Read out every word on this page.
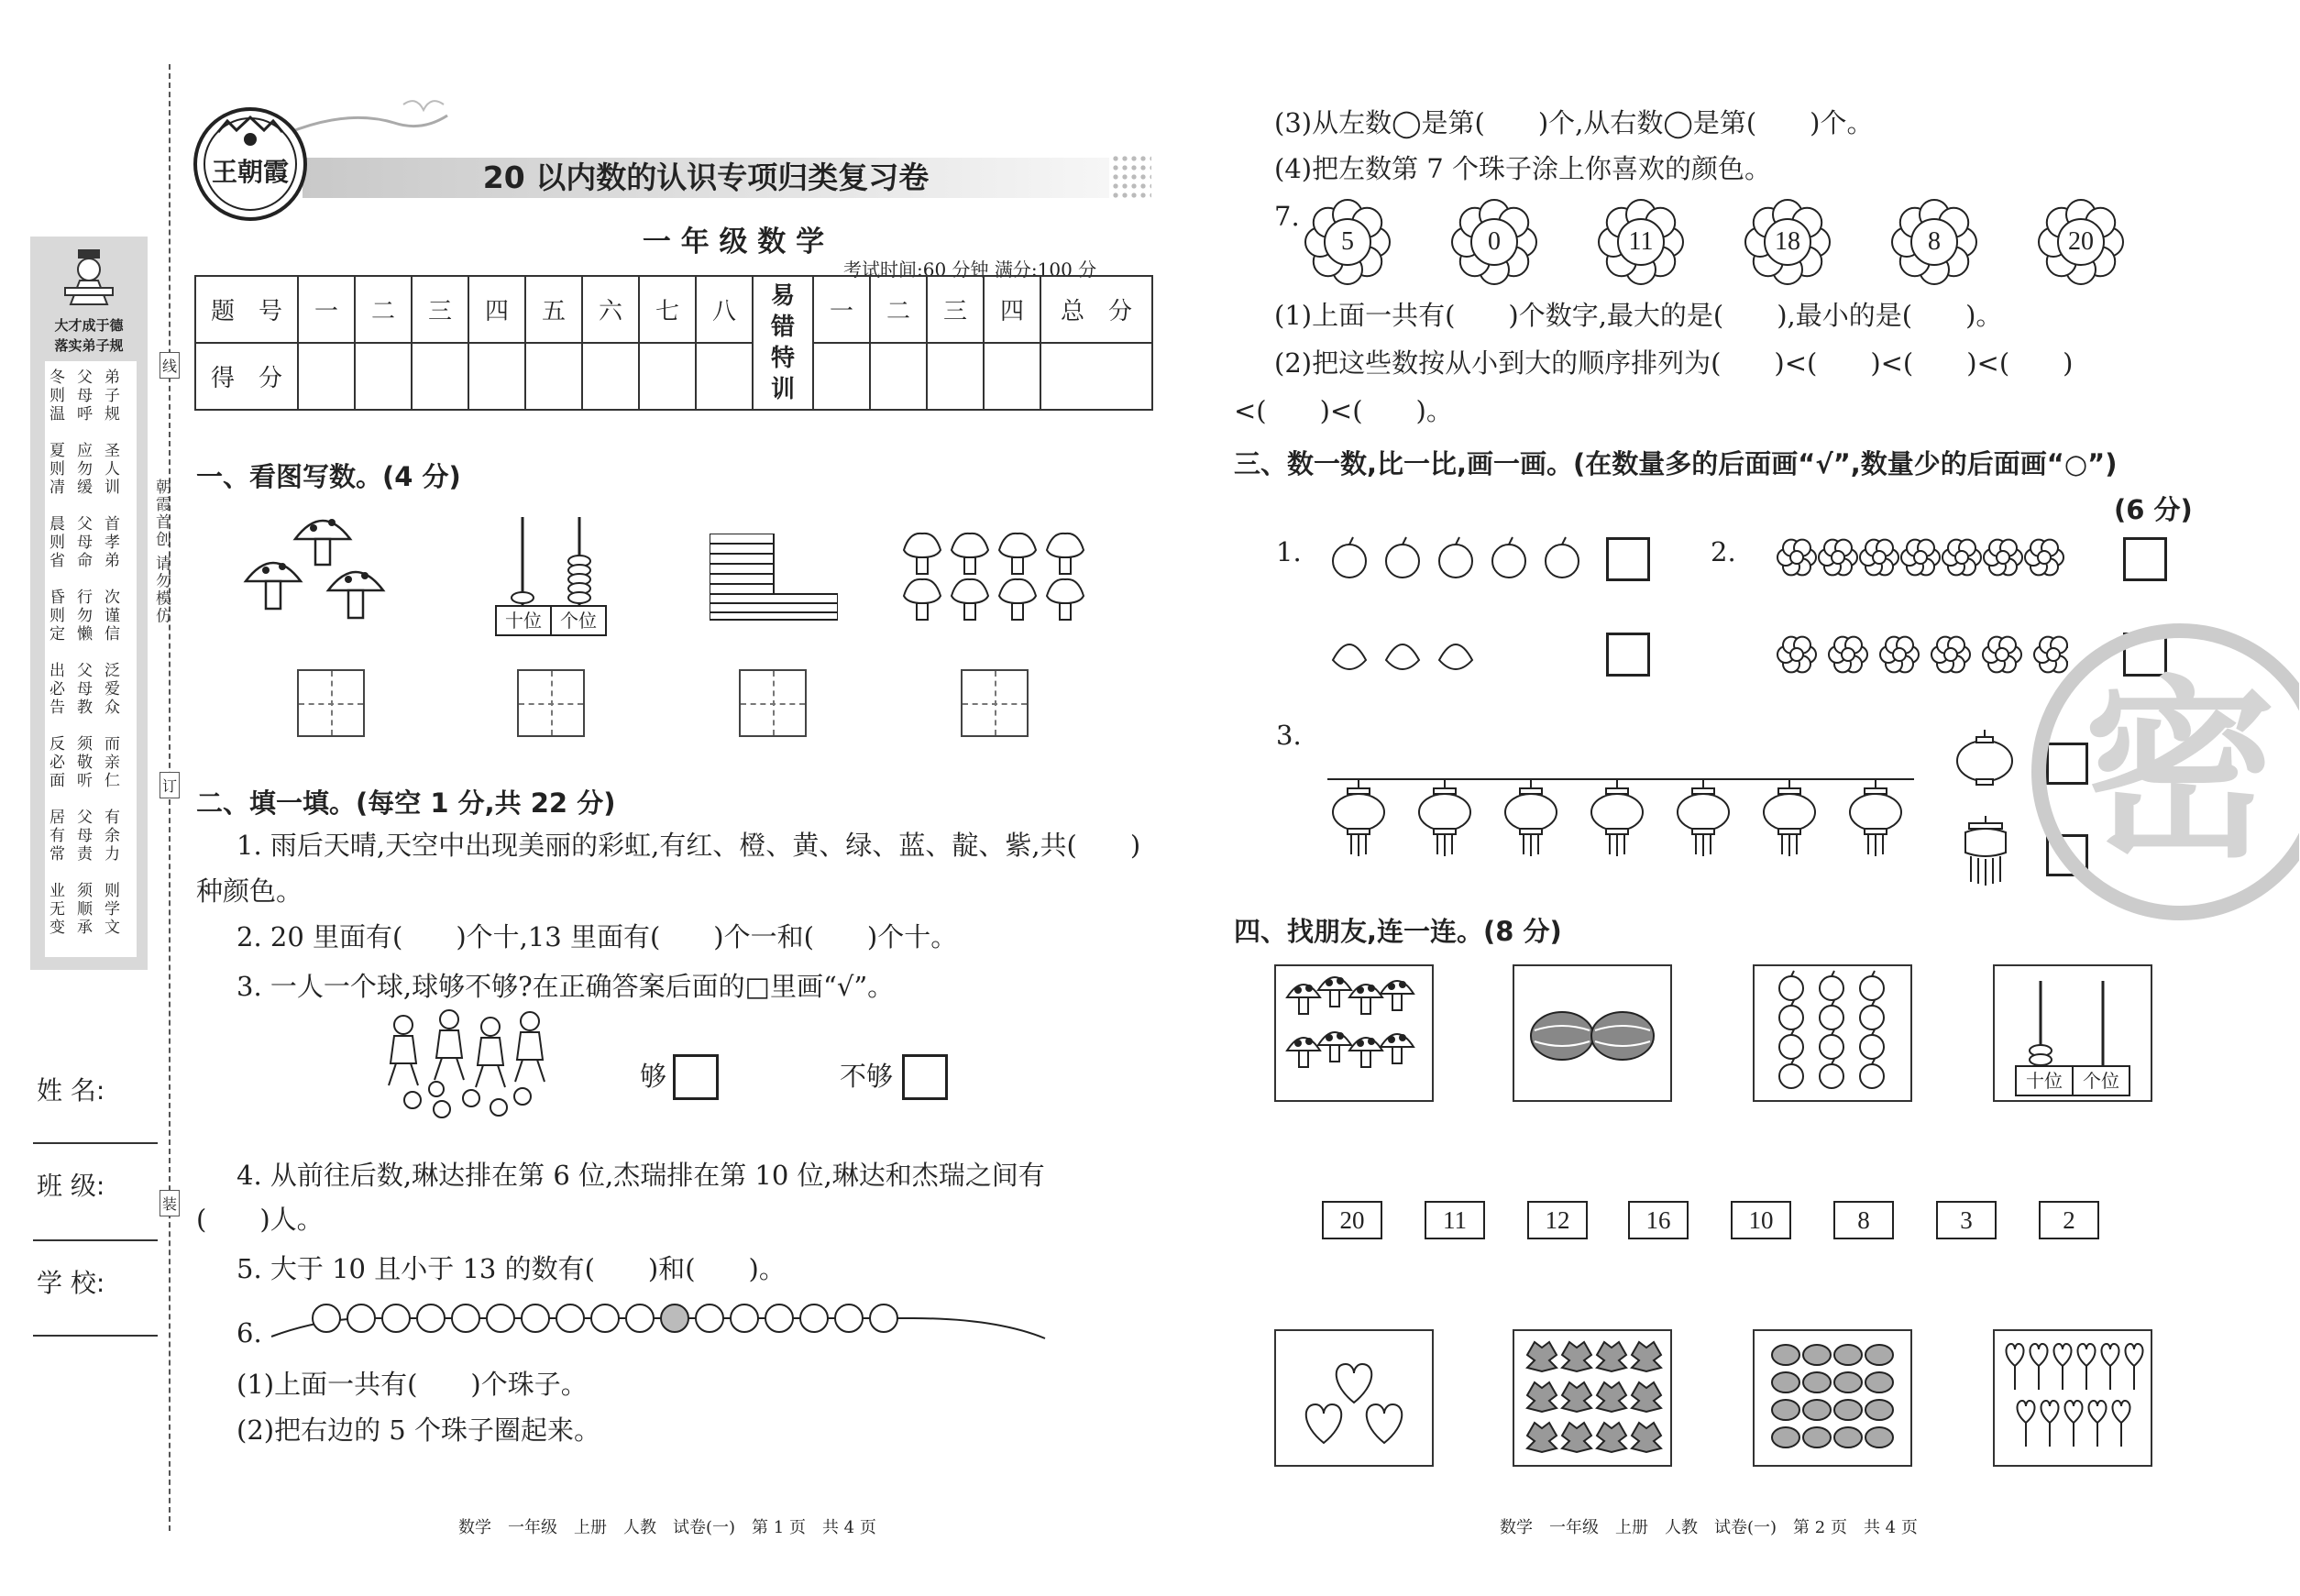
大才成于德
落实弟子规
冬则温
父母呼
弟子规
夏则凊
应勿缓
圣人训
晨则省
父母命
首孝弟
昏则定
行勿懒
次谨信
出必告
父母教
泛爱众
反必面
须敬听
而亲仁
居有常
父母责
有余力
业无变
须顺承
则学文
姓 名:
班 级:
学 校:
朝霞首创 请勿模仿
线
订
装
王朝霞	20 以内数的认识专项归类复习卷
一 年 级 数 学
考试时间:60 分钟 满分:100 分
题　号	一	二	三	四	五	六	七	八	易错特训	一	二	三	四	总　分
得　分														
一、看图写数。(4 分)
十位	个位
二、填一填。(每空 1 分,共 22 分)
1. 雨后天晴,天空中出现美丽的彩虹,有红、橙、黄、绿、蓝、靛、紫,共(　　)
种颜色。
2. 20 里面有(　　)个十,13 里面有(　　)个一和(　　)个十。
3. 一人一个球,球够不够?在正确答案后面的□里画“√”。
够	不够
4. 从前往后数,琳达排在第 6 位,杰瑞排在第 10 位,琳达和杰瑞之间有
(　　)人。
5. 大于 10 且小于 13 的数有(　　)和(　　)。
6.
(1)上面一共有(　　)个珠子。
(2)把右边的 5 个珠子圈起来。
数学　一年级　上册　人教　试卷(一)　第 1 页　共 4 页
(3)从左数◯是第(　　)个,从右数◯是第(　　)个。
(4)把左数第 7 个珠子涂上你喜欢的颜色。
7.
5	0	11	18	8	20
(1)上面一共有(　　)个数字,最大的是(　　),最小的是(　　)。
(2)把这些数按从小到大的顺序排列为(　　)<(　　)<(　　)<(　　)
<(　　)<(　　)。
三、数一数,比一比,画一画。(在数量多的后面画“√”,数量少的后面画“○”)
(6 分)
1.	2.
3.	密
四、找朋友,连一连。(8 分)
十位	个位
20	11	12	16	10	8	3	2
数学　一年级　上册　人教　试卷(一)　第 2 页　共 4 页
